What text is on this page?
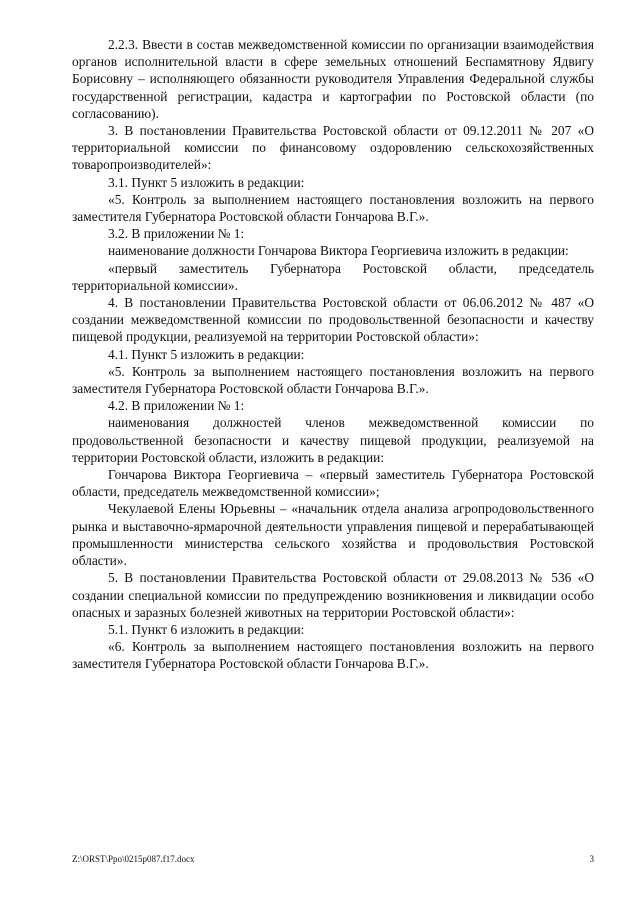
2.2.3. Ввести в состав межведомственной комиссии по организации взаимодействия органов исполнительной власти в сфере земельных отношений Беспамятнову Ядвигу Борисовну – исполняющего обязанности руководителя Управления Федеральной службы государственной регистрации, кадастра и картографии по Ростовской области (по согласованию).

3. В постановлении Правительства Ростовской области от 09.12.2011 № 207 «О территориальной комиссии по финансовому оздоровлению сельскохозяйственных товаропроизводителей»:

3.1. Пункт 5 изложить в редакции:

«5. Контроль за выполнением настоящего постановления возложить на первого заместителя Губернатора Ростовской области Гончарова В.Г.».

3.2. В приложении № 1:

наименование должности Гончарова Виктора Георгиевича изложить в редакции:

«первый заместитель Губернатора Ростовской области, председатель территориальной комиссии».

4. В постановлении Правительства Ростовской области от 06.06.2012 № 487 «О создании межведомственной комиссии по продовольственной безопасности и качеству пищевой продукции, реализуемой на территории Ростовской области»:

4.1. Пункт 5 изложить в редакции:

«5. Контроль за выполнением настоящего постановления возложить на первого заместителя Губернатора Ростовской области Гончарова В.Г.».

4.2. В приложении № 1:

наименования должностей членов межведомственной комиссии по продовольственной безопасности и качеству пищевой продукции, реализуемой на территории Ростовской области, изложить в редакции:

Гончарова Виктора Георгиевича – «первый заместитель Губернатора Ростовской области, председатель межведомственной комиссии»;

Чекулаевой Елены Юрьевны – «начальник отдела анализа агропродовольственного рынка и выставочно-ярмарочной деятельности управления пищевой и перерабатывающей промышленности министерства сельского хозяйства и продовольствия Ростовской области».

5. В постановлении Правительства Ростовской области от 29.08.2013 № 536 «О создании специальной комиссии по предупреждению возникновения и ликвидации особо опасных и заразных болезней животных на территории Ростовской области»:

5.1. Пункт 6 изложить в редакции:

«6. Контроль за выполнением настоящего постановления возложить на первого заместителя Губернатора Ростовской области Гончарова В.Г.».

Z:\ORST\Ppo\0215p087.f17.docx	3
